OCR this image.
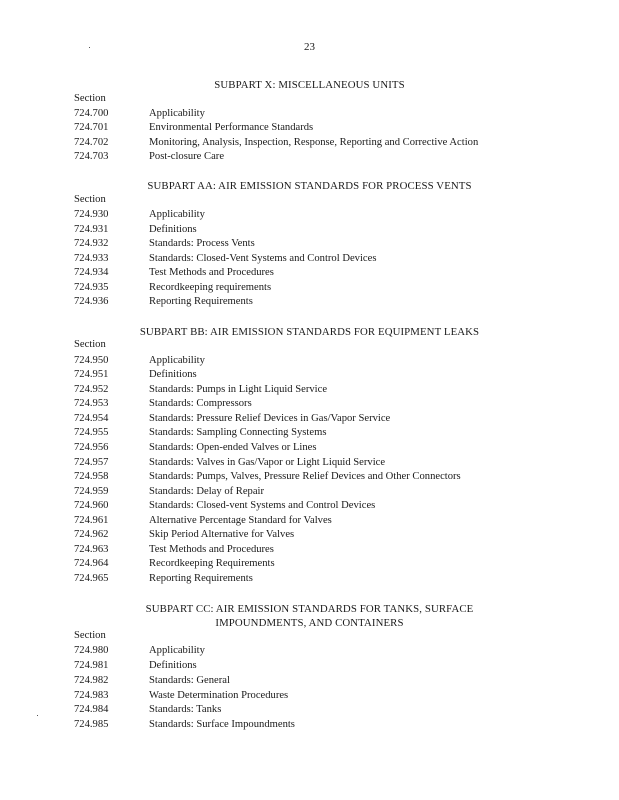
23
SUBPART X: MISCELLANEOUS UNITS
Section
724.700	Applicability
724.701	Environmental Performance Standards
724.702	Monitoring, Analysis, Inspection, Response, Reporting and Corrective Action
724.703	Post-closure Care
SUBPART AA: AIR EMISSION STANDARDS FOR PROCESS VENTS
Section
724.930	Applicability
724.931	Definitions
724.932	Standards: Process Vents
724.933	Standards: Closed-Vent Systems and Control Devices
724.934	Test Methods and Procedures
724.935	Recordkeeping requirements
724.936	Reporting Requirements
SUBPART BB: AIR EMISSION STANDARDS FOR EQUIPMENT LEAKS
Section
724.950	Applicability
724.951	Definitions
724.952	Standards: Pumps in Light Liquid Service
724.953	Standards: Compressors
724.954	Standards: Pressure Relief Devices in Gas/Vapor Service
724.955	Standards: Sampling Connecting Systems
724.956	Standards: Open-ended Valves or Lines
724.957	Standards: Valves in Gas/Vapor or Light Liquid Service
724.958	Standards: Pumps, Valves, Pressure Relief Devices and Other Connectors
724.959	Standards: Delay of Repair
724.960	Standards: Closed-vent Systems and Control Devices
724.961	Alternative Percentage Standard for Valves
724.962	Skip Period Alternative for Valves
724.963	Test Methods and Procedures
724.964	Recordkeeping Requirements
724.965	Reporting Requirements
SUBPART CC: AIR EMISSION STANDARDS FOR TANKS, SURFACE
IMPOUNDMENTS, AND CONTAINERS
Section
724.980	Applicability
724.981	Definitions
724.982	Standards: General
724.983	Waste Determination Procedures
724.984	Standards: Tanks
724.985	Standards: Surface Impoundments
